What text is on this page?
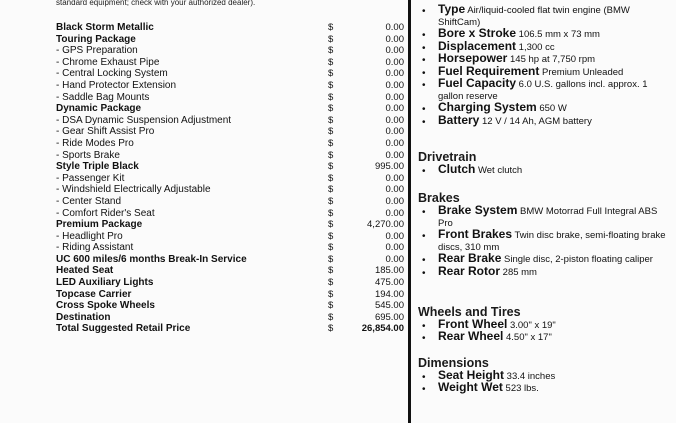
standard equipment; check with your authorized dealer).
Black Storm Metallic	$	0.00
Touring Package	$	0.00
- GPS Preparation	$	0.00
- Chrome Exhaust Pipe	$	0.00
- Central Locking System	$	0.00
- Hand Protector Extension	$	0.00
- Saddle Bag Mounts	$	0.00
Dynamic Package	$	0.00
- DSA Dynamic Suspension Adjustment	$	0.00
- Gear Shift Assist Pro	$	0.00
- Ride Modes Pro	$	0.00
- Sports Brake	$	0.00
Style Triple Black	$	995.00
- Passenger Kit	$	0.00
- Windshield Electrically Adjustable	$	0.00
- Center Stand	$	0.00
- Comfort Rider's Seat	$	0.00
Premium Package	$	4,270.00
- Headlight Pro	$	0.00
- Riding Assistant	$	0.00
UC 600 miles/6 months Break-In Service	$	0.00
Heated Seat	$	185.00
LED Auxiliary Lights	$	475.00
Topcase Carrier	$	194.00
Cross Spoke Wheels	$	545.00
Destination	$	695.00
Total Suggested Retail Price	$	26,854.00
• Type Air/liquid-cooled flat twin engine (BMW ShiftCam)
• Bore x Stroke 106.5 mm x 73 mm
• Displacement 1,300 cc
• Horsepower 145 hp at 7,750 rpm
• Fuel Requirement Premium Unleaded
• Fuel Capacity 6.0 U.S. gallons incl. approx. 1 gallon reserve
• Charging System 650 W
• Battery 12 V / 14 Ah, AGM battery
Drivetrain
• Clutch Wet clutch
Brakes
• Brake System BMW Motorrad Full Integral ABS Pro
• Front Brakes Twin disc brake, semi-floating brake discs, 310 mm
• Rear Brake Single disc, 2-piston floating caliper
• Rear Rotor 285 mm
Wheels and Tires
• Front Wheel 3.00" x 19"
• Rear Wheel 4.50" x 17"
Dimensions
• Seat Height 33.4 inches
• Weight Wet 523 lbs.
